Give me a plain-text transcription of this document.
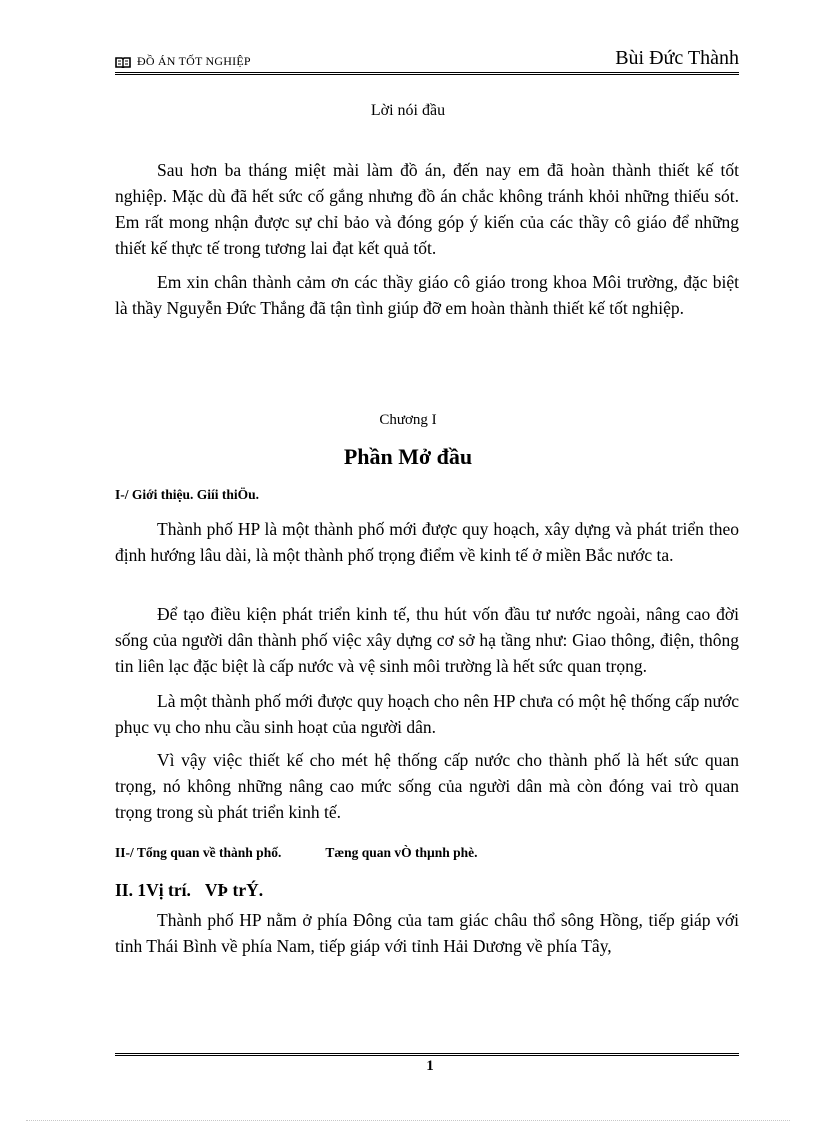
ĐỒ ÁN TỐT NGHIỆP	Bùi Đức Thành
Lời nói đầu

Sau hơn ba tháng miệt mài làm đồ án, đến nay em đã hoàn thành thiết kế tốt nghiệp. Mặc dù đã hết sức cố gắng nhưng đồ án chắc không tránh khỏi những thiếu sót. Em rất mong nhận được sự chỉ bảo và đóng góp ý kiến của các thầy cô giáo để những thiết kế thực tế trong tương lai đạt kết quả tốt.

Em xin chân thành cảm ơn các thầy giáo cô giáo trong khoa Môi trường, đặc biệt là thầy Nguyễn Đức Thắng đã tận tình giúp đỡ em hoàn thành thiết kế tốt nghiệp.

Chương I
Phần Mở đầu
I-/ Giới thiệu. Giíi thiÖu.

Thành phố HP là một thành phố mới được quy hoạch, xây dựng và phát triển theo định hướng lâu dài, là một thành phố trọng điểm về kinh tế ở miền Bắc nước ta.

Để tạo điều kiện phát triển kinh tế, thu hút vốn đầu tư nước ngoài, nâng cao đời sống của người dân thành phố việc xây dựng cơ sở hạ tầng như: Giao thông, điện, thông tin liên lạc đặc biệt là cấp nước và vệ sinh môi trường là hết sức quan trọng.

Là một thành phố mới được quy hoạch cho nên HP chưa có một hệ thống cấp nước phục vụ cho nhu cầu sinh hoạt của người dân.

Vì vậy việc thiết kế cho mét hệ thống cấp nước cho thành phố là hết sức quan trọng, nó không những nâng cao mức sống của người dân mà còn đóng vai trò quan trọng trong sù phát triển kinh tế.

II-/ Tổng quan về thành phố.	Tæng quan vÒ thµnh phè.
II. 1Vị trí. VÞ trÝ.

Thành phố HP nằm ở phía Đông của tam giác châu thổ sông Hồng, tiếp giáp với tỉnh Thái Bình về phía Nam, tiếp giáp với tỉnh Hải Dương về phía Tây,

1
